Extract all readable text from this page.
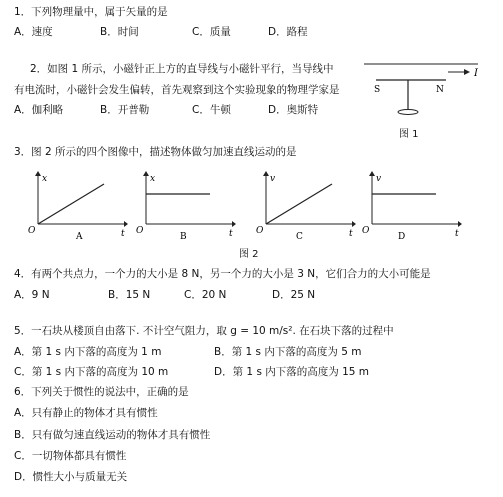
1．下列物理量中，属于矢量的是
A．速度	B．时间	C．质量	D．路程
2．如图 1 所示，小磁针正上方的直导线与小磁针平行，当导线中
有电流时，小磁针会发生偏转，首先观察到这个实验现象的物理学家是
A．伽利略	B．开普勒	C．牛顿	D．奥斯特
I
S	N
图 1
3．图 2 所示的四个图像中，描述物体做匀加速直线运动的是
x
t
O
A
x
t
O
B
v
t
O
C
v
t
O
D
图 2
4．有两个共点力，一个力的大小是 8 N，另一个力的大小是 3 N，它们合力的大小可能是
A．9 N	B．15 N	C．20 N	D．25 N
5．一石块从楼顶自由落下. 不计空气阻力，取 g = 10 m/s². 在石块下落的过程中
A．第 1 s 内下落的高度为 1 m	B．第 1 s 内下落的高度为 5 m
C．第 1 s 内下落的高度为 10 m	D．第 1 s 内下落的高度为 15 m
6．下列关于惯性的说法中，正确的是
A．只有静止的物体才具有惯性
B．只有做匀速直线运动的物体才具有惯性
C．一切物体都具有惯性
D．惯性大小与质量无关
